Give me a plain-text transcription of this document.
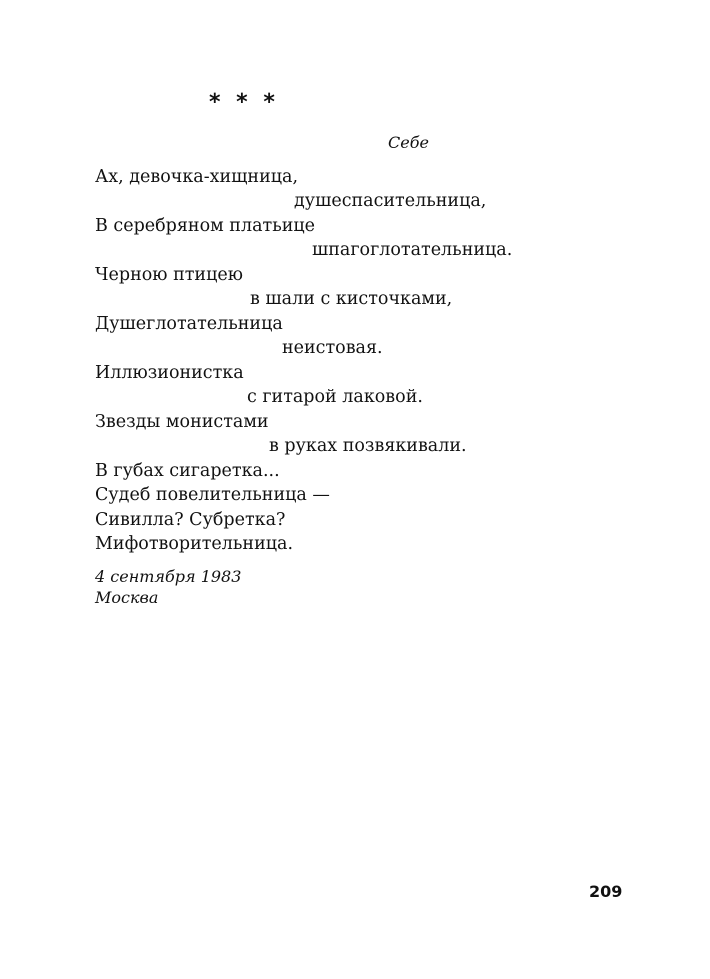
* * *
Себе
Ах, девочка-хищница,
душеспасительница,
В серебряном платьице
шпагоглотательница.
Черною птицею
в шали с кисточками,
Душеглотательница
неистовая.
Иллюзионистка
с гитарой лаковой.
Звезды монистами
в руках позвякивали.
В губах сигаретка...
Судеб повелительница —
Сивилла? Субретка?
Мифотворительница.
4 сентября 1983
Москва
209
